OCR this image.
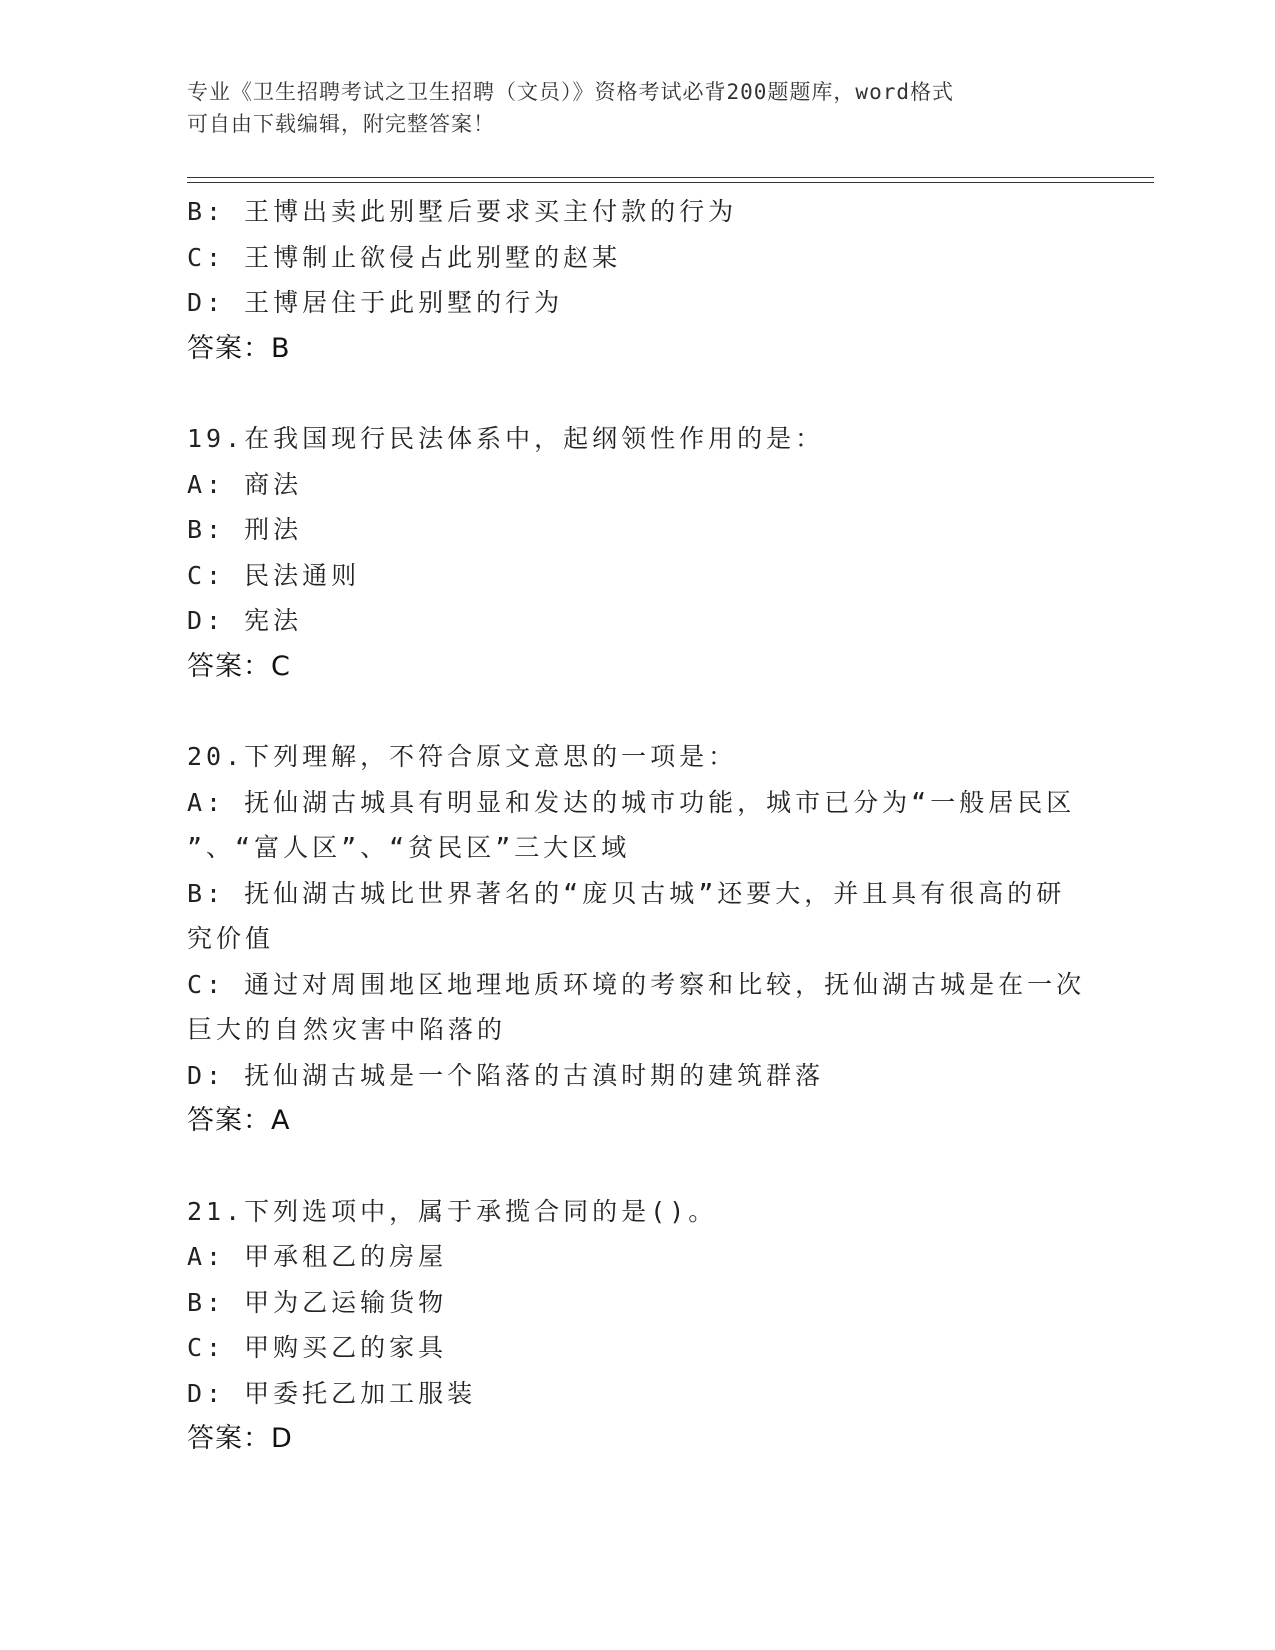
专业《卫生招聘考试之卫生招聘（文员）》资格考试必背200题题库，word格式
可自由下载编辑，附完整答案！
B: 王博出卖此别墅后要求买主付款的行为
C: 王博制止欲侵占此别墅的赵某
D: 王博居住于此别墅的行为
答案：B
19.在我国现行民法体系中，起纲领性作用的是：
A: 商法
B: 刑法
C: 民法通则
D: 宪法
答案：C
20.下列理解，不符合原文意思的一项是：
A: 抚仙湖古城具有明显和发达的城市功能，城市已分为“一般居民区
”、“富人区”、“贫民区”三大区域
B: 抚仙湖古城比世界著名的“庞贝古城”还要大，并且具有很高的研
究价值
C: 通过对周围地区地理地质环境的考察和比较，抚仙湖古城是在一次
巨大的自然灾害中陷落的
D: 抚仙湖古城是一个陷落的古滇时期的建筑群落
答案：A
21.下列选项中，属于承揽合同的是()。
A: 甲承租乙的房屋
B: 甲为乙运输货物
C: 甲购买乙的家具
D: 甲委托乙加工服装
答案：D
